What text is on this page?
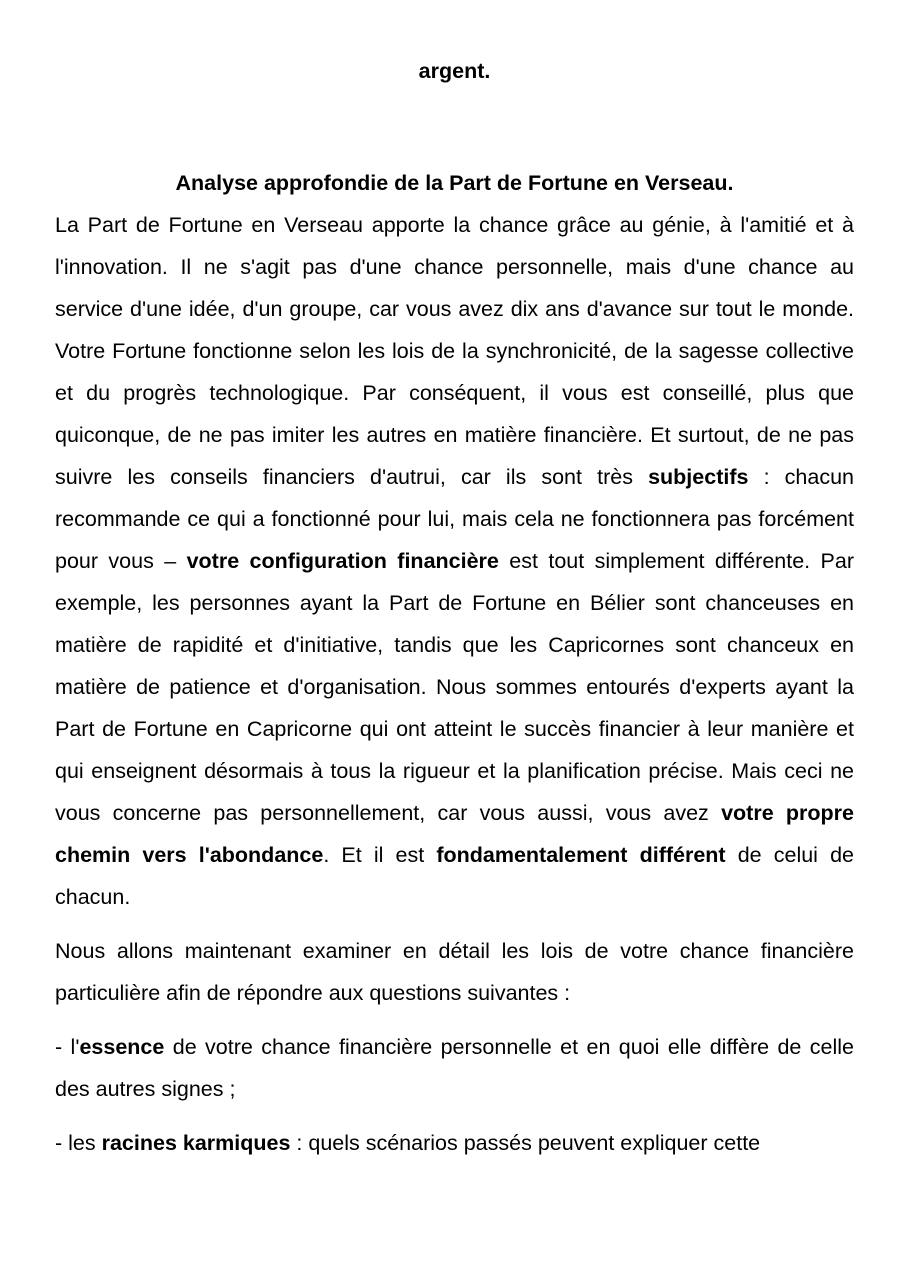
argent.

Analyse approfondie de la Part de Fortune en Verseau.

La Part de Fortune en Verseau apporte la chance grâce au génie, à l'amitié et à l'innovation. Il ne s'agit pas d'une chance personnelle, mais d'une chance au service d'une idée, d'un groupe, car vous avez dix ans d'avance sur tout le monde. Votre Fortune fonctionne selon les lois de la synchronicité, de la sagesse collective et du progrès technologique. Par conséquent, il vous est conseillé, plus que quiconque, de ne pas imiter les autres en matière financière. Et surtout, de ne pas suivre les conseils financiers d'autrui, car ils sont très subjectifs : chacun recommande ce qui a fonctionné pour lui, mais cela ne fonctionnera pas forcément pour vous – votre configuration financière est tout simplement différente. Par exemple, les personnes ayant la Part de Fortune en Bélier sont chanceuses en matière de rapidité et d'initiative, tandis que les Capricornes sont chanceux en matière de patience et d'organisation. Nous sommes entourés d'experts ayant la Part de Fortune en Capricorne qui ont atteint le succès financier à leur manière et qui enseignent désormais à tous la rigueur et la planification précise. Mais ceci ne vous concerne pas personnellement, car vous aussi, vous avez votre propre chemin vers l'abondance. Et il est fondamentalement différent de celui de chacun.

Nous allons maintenant examiner en détail les lois de votre chance financière particulière afin de répondre aux questions suivantes :

- l'essence de votre chance financière personnelle et en quoi elle diffère de celle des autres signes ;

- les racines karmiques : quels scénarios passés peuvent expliquer cette
